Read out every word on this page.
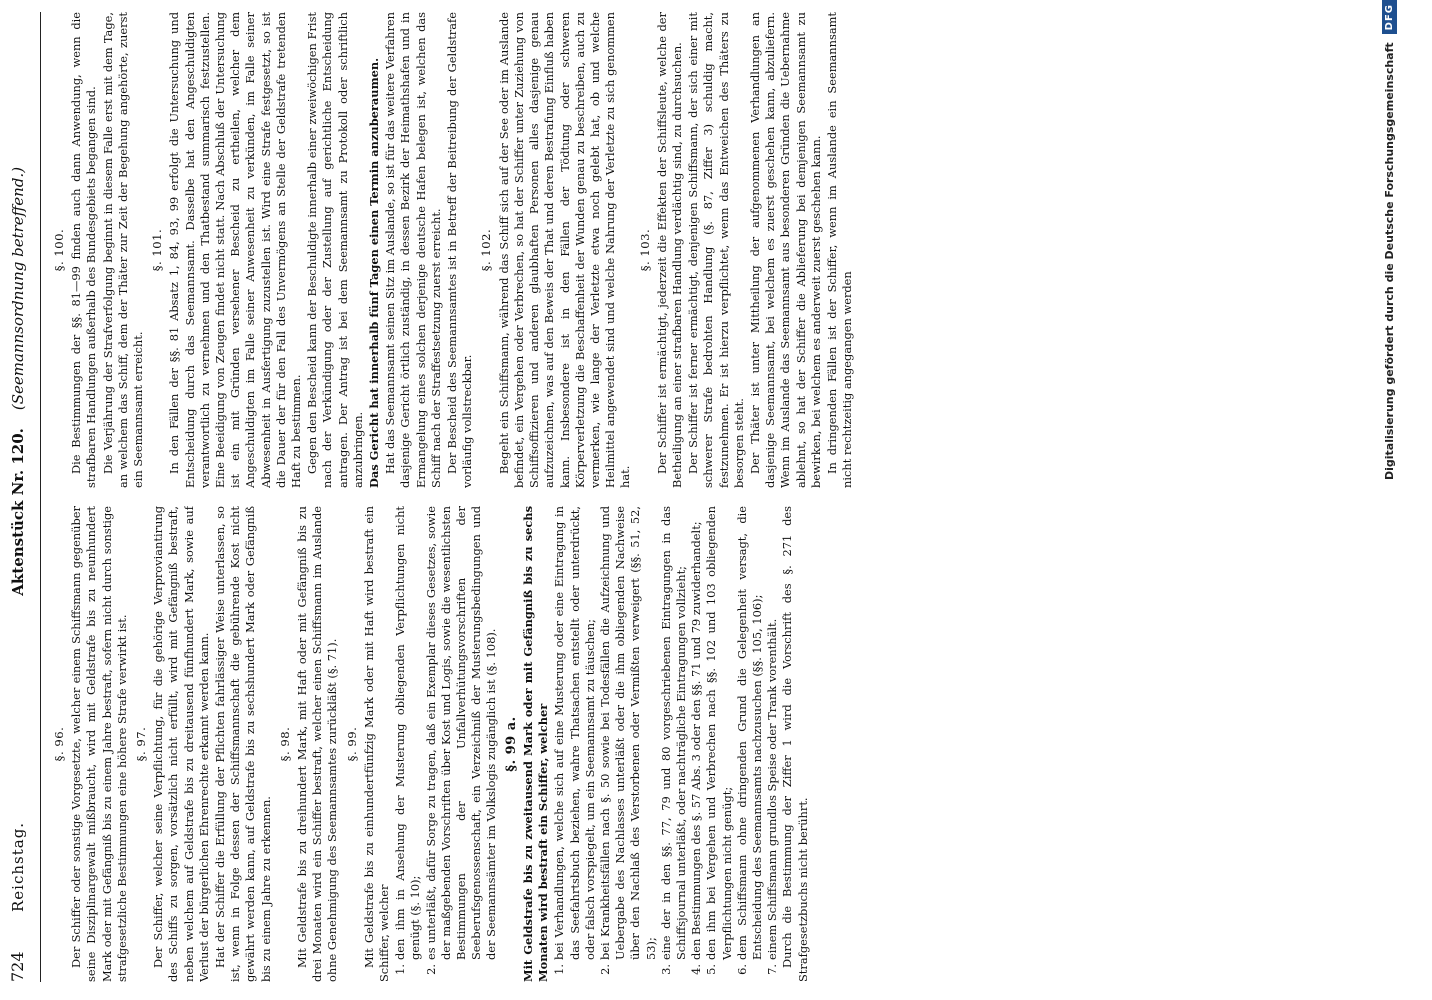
724
Reichstag.
Aktenstück Nr. 120.
(Seemannsordnung betreffend.)
§. 96. Der Schiffer oder sonstige Vorgesetzte, welcher einem Schiffsmann gegenüber seine Disziplinargewalt mißbraucht, wird mit Geldstrafe bis zu neunhundert Mark oder mit Gefängniß bis zu einem Jahre bestraft, sofern nicht durch sonstige strafgesetzliche Bestimmungen eine höhere Strafe verwirkt ist. §. 97. Der Schiffer, welcher seine Verpflichtung, für die gehörige Verproviantirung des Schiffs zu sorgen, vorsätzlich nicht erfüllt, wird mit Gefängniß bestraft, neben welchem auf Geldstrafe bis zu dreitausend fünfhundert Mark, sowie auf Verlust der bürgerlichen Ehrenrechte erkannt werden kann. Hat der Schiffer die Erfüllung der Pflichten fahrlässiger Weise unterlassen, so ist, wenn in Folge dessen der Schiffsmannschaft die gebührende Kost nicht gewährt werden kann, auf Geldstrafe bis zu sechshundert Mark oder Gefängniß bis zu einem Jahre zu erkennen.

§. 98. Mit Geldstrafe bis zu dreihundert Mark, mit Haft oder mit Gefängniß bis zu drei Monaten wird ein Schiffer bestraft, welcher einen Schiffsmann im Auslande ohne Genehmigung des Seemannsamtes zurückläßt (§. 71). §. 99. Mit Geldstrafe bis zu einhundertfünfzig Mark oder mit Haft wird bestraft ein Schiffer, welcher 1.
den ihm in Ansehung der Musterung obliegenden Verpflichtungen nicht genügt (§. 10);
2.
es unterläßt, dafür Sorge zu tragen, daß ein Exemplar dieses Gesetzes, sowie der maßgebenden Vorschriften über Kost und Logis, sowie die wesentlichsten Bestimmungen der Unfallverhütungsvorschriften der Seeberufsgenossenschaft, ein Verzeichniß der Musterungsbedingungen und der Seemannsämter im Volkslogis zugänglich ist (§. 108). §. 99 a. Mit Geldstrafe bis zu zweitausend Mark oder mit Gefängniß bis zu sechs Monaten wird bestraft ein Schiffer, welcher 1.
bei Verhandlungen, welche sich auf eine Musterung oder eine Eintragung in das Seefahrtsbuch beziehen, wahre Thatsachen entstellt oder unterdrückt, oder falsch vorspiegelt, um ein Seemannsamt zu täuschen;
2.
bei Krankheitsfällen nach §. 50 sowie bei Todesfällen die Aufzeichnung und Uebergabe des Nachlasses unterläßt oder die ihm obliegenden Nachweise über den Nachlaß des Verstorbenen oder Vermißten verweigert (§§. 51, 52, 53);
3.
eine der in den §§. 77, 79 und 80 vorgeschriebenen Eintragungen in das Schiffsjournal unterläßt, oder nachträgliche Eintragungen vollzieht;
4.
den Bestimmungen des §. 57 Abs. 3 oder den §§. 71 und 79 zuwiderhandelt;
5.
den ihm bei Vergehen und Verbrechen nach §§. 102 und 103 obliegenden Verpflichtungen nicht genügt;
6.
dem Schiffsmann ohne dringenden Grund die Gelegenheit versagt, die Entscheidung des Seemannsamts nachzusuchen (§§. 105, 106);
7.
einem Schiffsmann grundlos Speise oder Trank vorenthält. Durch die Bestimmung der Ziffer 1 wird die Vorschrift des §. 271 des Strafgesetzbuchs nicht berührt.

§. 100. Die Bestimmungen der §§. 81—99 finden auch dann Anwendung, wenn die strafbaren Handlungen außerhalb des Bundesgebiets begangen sind. Die Verjährung der Strafverfolgung beginnt in diesem Falle erst mit dem Tage, an welchem das Schiff, dem der Thäter zur Zeit der Begehung angehörte, zuerst ein Seemannsamt erreicht.

§. 101. In den Fällen der §§. 81 Absatz 1, 84, 93, 99 erfolgt die Untersuchung und Entscheidung durch das Seemannsamt. Dasselbe hat den Angeschuldigten verantwortlich zu vernehmen und den Thatbestand summarisch festzustellen. Eine Beeidigung von Zeugen findet nicht statt. Nach Abschluß der Untersuchung ist ein mit Gründen versehener Bescheid zu ertheilen, welcher dem Angeschuldigten im Falle seiner Anwesenheit zu verkünden, im Falle seiner Abwesenheit in Ausfertigung zuzustellen ist. Wird eine Strafe festgesetzt, so ist die Dauer der für den Fall des Unvermögens an Stelle der Geldstrafe tretenden Haft zu bestimmen. Gegen den Bescheid kann der Beschuldigte innerhalb einer zweiwöchigen Frist nach der Verkündigung oder der Zustellung auf gerichtliche Entscheidung antragen. Der Antrag ist bei dem Seemannsamt zu Protokoll oder schriftlich anzubringen. Das Gericht hat innerhalb fünf Tagen einen Termin anzuberaumen. Hat das Seemannsamt seinen Sitz im Auslande, so ist für das weitere Verfahren dasjenige Gericht örtlich zuständig, in dessen Bezirk der Heimathshafen und in Ermangelung eines solchen derjenige deutsche Hafen belegen ist, welchen das Schiff nach der Straffestsetzung zuerst erreicht. Der Bescheid des Seemannsamtes ist in Betreff der Beitreibung der Geldstrafe vorläufig vollstreckbar.

§. 102. Begeht ein Schiffsmann, während das Schiff sich auf der See oder im Auslande befindet, ein Vergehen oder Verbrechen, so hat der Schiffer unter Zuziehung von Schiffsoffizieren und anderen glaubhaften Personen alles dasjenige genau aufzuzeichnen, was auf den Beweis der That und deren Bestrafung Einfluß haben kann. Insbesondere ist in den Fällen der Tödtung oder schweren Körperverletzung die Beschaffenheit der Wunden genau zu beschreiben, auch zu vermerken, wie lange der Verletzte etwa noch gelebt hat, ob und welche Heilmittel angewendet sind und welche Nahrung der Verletzte zu sich genommen hat.

§. 103. Der Schiffer ist ermächtigt, jederzeit die Effekten der Schiffsleute, welche der Betheiligung an einer strafbaren Handlung verdächtig sind, zu durchsuchen. Der Schiffer ist ferner ermächtigt, denjenigen Schiffsmann, der sich einer mit schwerer Strafe bedrohten Handlung (§. 87, Ziffer 3) schuldig macht, festzunehmen. Er ist hierzu verpflichtet, wenn das Entweichen des Thäters zu besorgen steht. Der Thäter ist unter Mittheilung der aufgenommenen Verhandlungen an dasjenige Seemannsamt, bei welchem es zuerst geschehen kann, abzuliefern. Wenn im Auslande das Seemannsamt aus besonderen Gründen die Uebernahme ablehnt, so hat der Schiffer die Ablieferung bei demjenigen Seemannsamt zu bewirken, bei welchem es anderweit zuerst geschehen kann. In dringenden Fällen ist der Schiffer, wenn im Auslande ein Seemannsamt nicht rechtzeitig angegangen werden	Digitalisierung gefördert durch die Deutsche Forschungsgemeinschaft
DFG
